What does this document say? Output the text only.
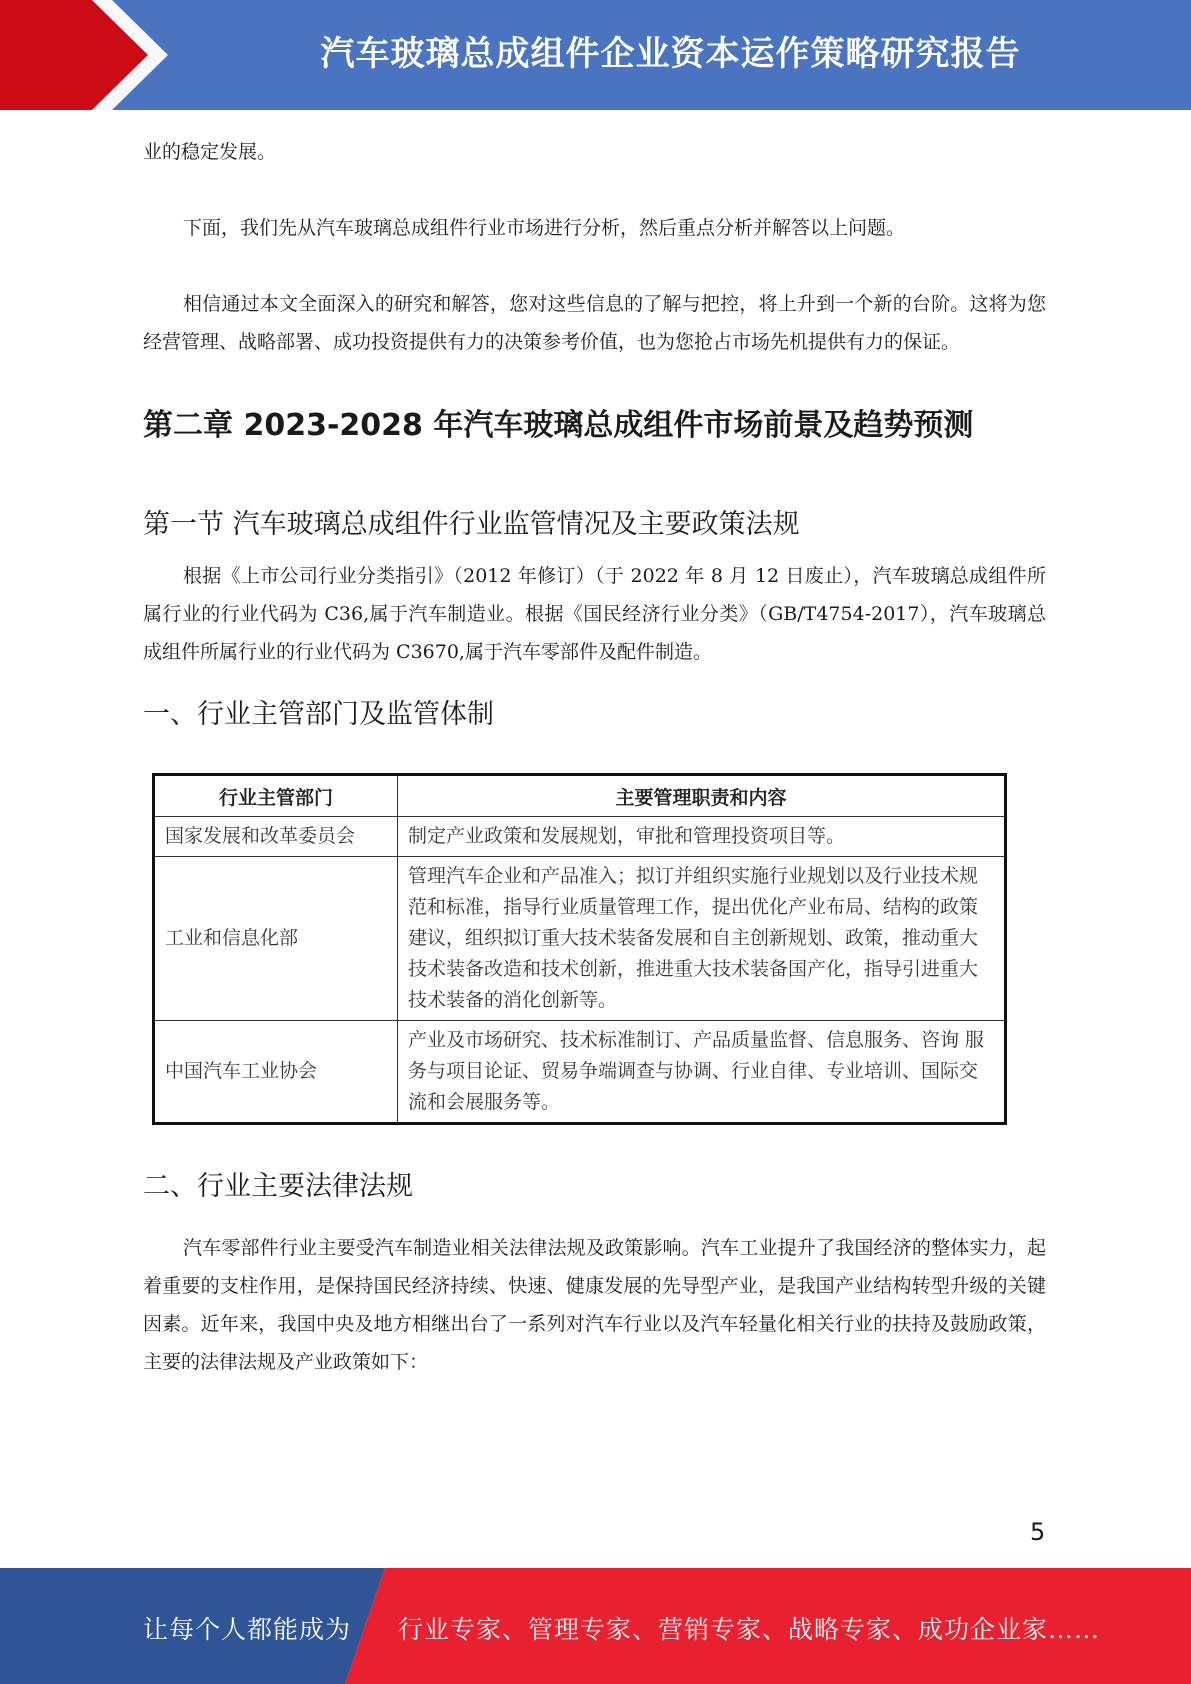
汽车玻璃总成组件企业资本运作策略研究报告

业的稳定发展。

下面，我们先从汽车玻璃总成组件行业市场进行分析，然后重点分析并解答以上问题。

相信通过本文全面深入的研究和解答，您对这些信息的了解与把控，将上升到一个新的台阶。这将为您经营管理、战略部署、成功投资提供有力的决策参考价值，也为您抢占市场先机提供有力的保证。

第二章 2023-2028 年汽车玻璃总成组件市场前景及趋势预测
第一节 汽车玻璃总成组件行业监管情况及主要政策法规

根据《上市公司行业分类指引》（2012 年修订）（于 2022 年 8 月 12 日废止），汽车玻璃总成组件所属行业的行业代码为 C36,属于汽车制造业。根据《国民经济行业分类》（GB/T4754-2017），汽车玻璃总成组件所属行业的行业代码为 C3670,属于汽车零部件及配件制造。

一、行业主管部门及监管体制
行业主管部门	主要管理职责和内容
国家发展和改革委员会	制定产业政策和发展规划，审批和管理投资项目等。
工业和信息化部	管理汽车企业和产品准入；拟订并组织实施行业规划以及行业技术规范和标准，指导行业质量管理工作，提出优化产业布局、结构的政策建议，组织拟订重大技术装备发展和自主创新规划、政策，推动重大技术装备改造和技术创新，推进重大技术装备国产化，指导引进重大技术装备的消化创新等。
中国汽车工业协会	产业及市场研究、技术标准制订、产品质量监督、信息服务、咨询 服务与项目论证、贸易争端调查与协调、行业自律、专业培训、国际交流和会展服务等。
二、行业主要法律法规

汽车零部件行业主要受汽车制造业相关法律法规及政策影响。汽车工业提升了我国经济的整体实力，起着重要的支柱作用，是保持国民经济持续、快速、健康发展的先导型产业，是我国产业结构转型升级的关键因素。近年来，我国中央及地方相继出台了一系列对汽车行业以及汽车轻量化相关行业的扶持及鼓励政策，主要的法律法规及产业政策如下：

5
让每个人都能成为 行业专家、管理专家、营销专家、战略专家、成功企业家……
